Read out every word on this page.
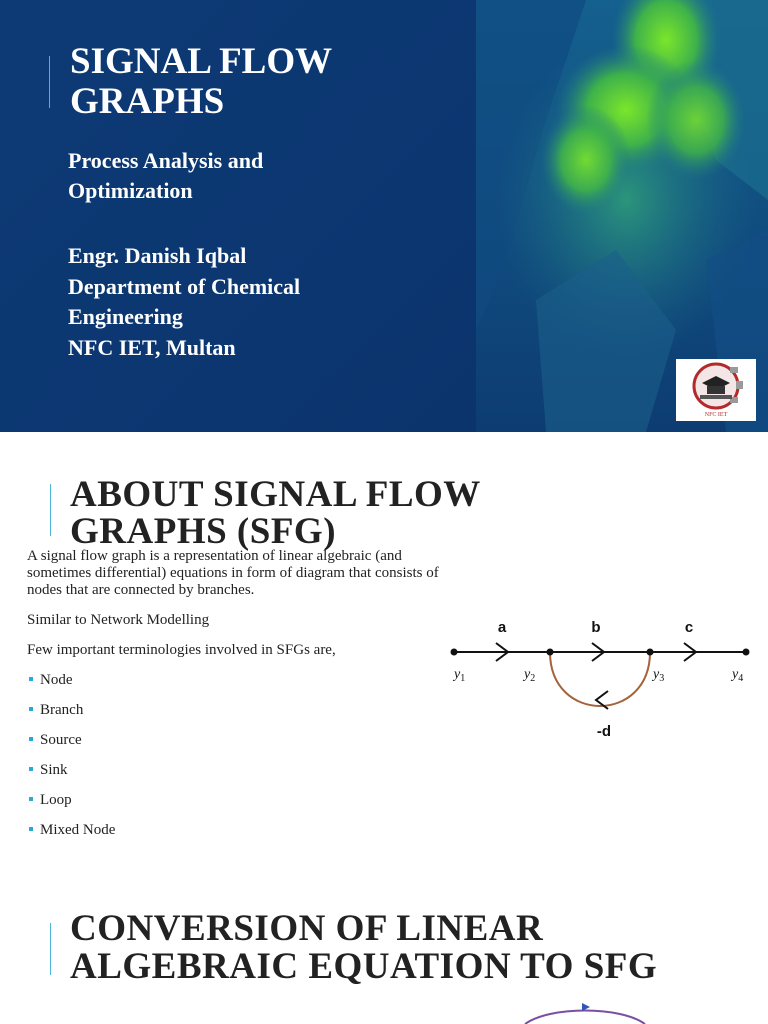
SIGNAL FLOW
GRAPHS

Process Analysis and
Optimization

Engr. Danish Iqbal
Department of Chemical
Engineering
NFC IET, Multan
NFC IET
ABOUT SIGNAL FLOW
GRAPHS (SFG)

A signal flow graph is a representation of linear algebraic (and sometimes differential) equations in form of diagram that consists of nodes that are connected by branches.

Similar to Network Modelling

Few important terminologies involved in SFGs are,

Node
Branch
Source
Sink
Loop
Mixed Node
a	b	c
$y_1$	$y_2$	$y_3$	$y_4$
-d
CONVERSION OF LINEAR
ALGEBRAIC EQUATION TO SFG
